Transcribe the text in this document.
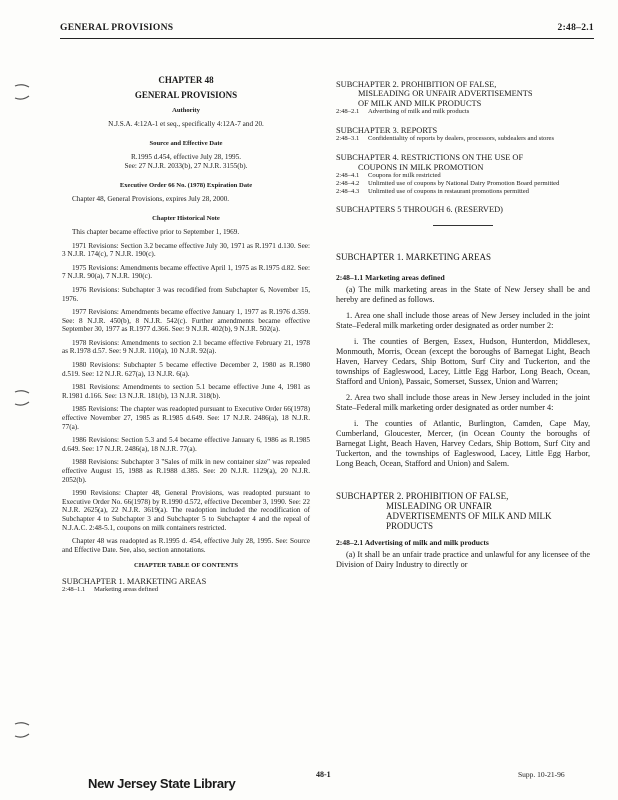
GENERAL PROVISIONS	2:48–2.1
CHAPTER 48
GENERAL PROVISIONS
Authority
N.J.S.A. 4:12A-1 et seq., specifically 4:12A-7 and 20.
Source and Effective Date
R.1995 d.454, effective July 28, 1995.
See: 27 N.J.R. 2033(b), 27 N.J.R. 3155(b).
Executive Order 66 No. (1978) Expiration Date
Chapter 48, General Provisions, expires July 28, 2000.
Chapter Historical Note
This chapter became effective prior to September 1, 1969.
1971 Revisions: Section 3.2 became effective July 30, 1971 as R.1971 d.130. See: 3 N.J.R. 174(c), 7 N.J.R. 190(c).
1975 Revisions: Amendments became effective April 1, 1975 as R.1975 d.82. See: 7 N.J.R. 90(a), 7 N.J.R. 190(c).
1976 Revisions: Subchapter 3 was recodified from Subchapter 6, November 15, 1976.
1977 Revisions: Amendments became effective January 1, 1977 as R.1976 d.359. See: 8 N.J.R. 450(b), 8 N.J.R. 542(c). Further amendments became effective September 30, 1977 as R.1977 d.366. See: 9 N.J.R. 402(b), 9 N.J.R. 502(a).
1978 Revisions: Amendments to section 2.1 became effective February 21, 1978 as R.1978 d.57. See: 9 N.J.R. 110(a), 10 N.J.R. 92(a).
1980 Revisions: Subchapter 5 became effective December 2, 1980 as R.1980 d.519. See: 12 N.J.R. 627(a), 13 N.J.R. 6(a).
1981 Revisions: Amendments to section 5.1 became effective June 4, 1981 as R.1981 d.166. See: 13 N.J.R. 181(b), 13 N.J.R. 318(b).
1985 Revisions: The chapter was readopted pursuant to Executive Order 66(1978) effective November 27, 1985 as R.1985 d.649. See: 17 N.J.R. 2486(a), 18 N.J.R. 77(a).
1986 Revisions: Section 5.3 and 5.4 became effective January 6, 1986 as R.1985 d.649. See: 17 N.J.R. 2486(a), 18 N.J.R. 77(a).
1988 Revisions: Subchapter 3 "Sales of milk in new container size" was repealed effective August 15, 1988 as R.1988 d.385. See: 20 N.J.R. 1129(a), 20 N.J.R. 2052(b).
1990 Revisions: Chapter 48, General Provisions, was readopted pursuant to Executive Order No. 66(1978) by R.1990 d.572, effective December 3, 1990. See: 22 N.J.R. 2625(a), 22 N.J.R. 3619(a). The readoption included the recodification of Subchapter 4 to Subchapter 3 and Subchapter 5 to Subchapter 4 and the repeal of N.J.A.C. 2:48-5.1, coupons on milk containers restricted.
Chapter 48 was readopted as R.1995 d. 454, effective July 28, 1995. See: Source and Effective Date. See, also, section annotations.
CHAPTER TABLE OF CONTENTS
SUBCHAPTER 1. MARKETING AREAS
2:48–1.1	Marketing areas defined
SUBCHAPTER 2. PROHIBITION OF FALSE,
MISLEADING OR UNFAIR ADVERTISEMENTS
OF MILK AND MILK PRODUCTS
2:48–2.1	Advertising of milk and milk products
SUBCHAPTER 3. REPORTS
2:48–3.1	Confidentiality of reports by dealers, processors, subdealers and stores
SUBCHAPTER 4. RESTRICTIONS ON THE USE OF
COUPONS IN MILK PROMOTION
2:48–4.1	Coupons for milk restricted
2:48–4.2	Unlimited use of coupons by National Dairy Promotion Board permitted
2:48–4.3	Unlimited use of coupons in restaurant promotions permitted
SUBCHAPTERS 5 THROUGH 6. (RESERVED)
SUBCHAPTER 1. MARKETING AREAS
2:48–1.1 Marketing areas defined
(a) The milk marketing areas in the State of New Jersey shall be and hereby are defined as follows.
1. Area one shall include those areas of New Jersey included in the joint State–Federal milk marketing order designated as order number 2:
i. The counties of Bergen, Essex, Hudson, Hunterdon, Middlesex, Monmouth, Morris, Ocean (except the boroughs of Barnegat Light, Beach Haven, Harvey Cedars, Ship Bottom, Surf City and Tuckerton, and the townships of Eagleswood, Lacey, Little Egg Harbor, Long Beach, Ocean, Stafford and Union), Passaic, Somerset, Sussex, Union and Warren;
2. Area two shall include those areas in New Jersey included in the joint State–Federal milk marketing order designated as order number 4:
i. The counties of Atlantic, Burlington, Camden, Cape May, Cumberland, Gloucester, Mercer, (in Ocean County the boroughs of Barnegat Light, Beach Haven, Harvey Cedars, Ship Bottom, Surf City and Tuckerton, and the townships of Eagleswood, Lacey, Little Egg Harbor, Long Beach, Ocean, Stafford and Union) and Salem.
SUBCHAPTER 2. PROHIBITION OF FALSE,
MISLEADING OR UNFAIR
ADVERTISEMENTS OF MILK AND MILK
PRODUCTS
2:48–2.1 Advertising of milk and milk products
(a) It shall be an unfair trade practice and unlawful for any licensee of the Division of Dairy Industry to directly or
New Jersey State Library
48-1	Supp. 10-21-96
